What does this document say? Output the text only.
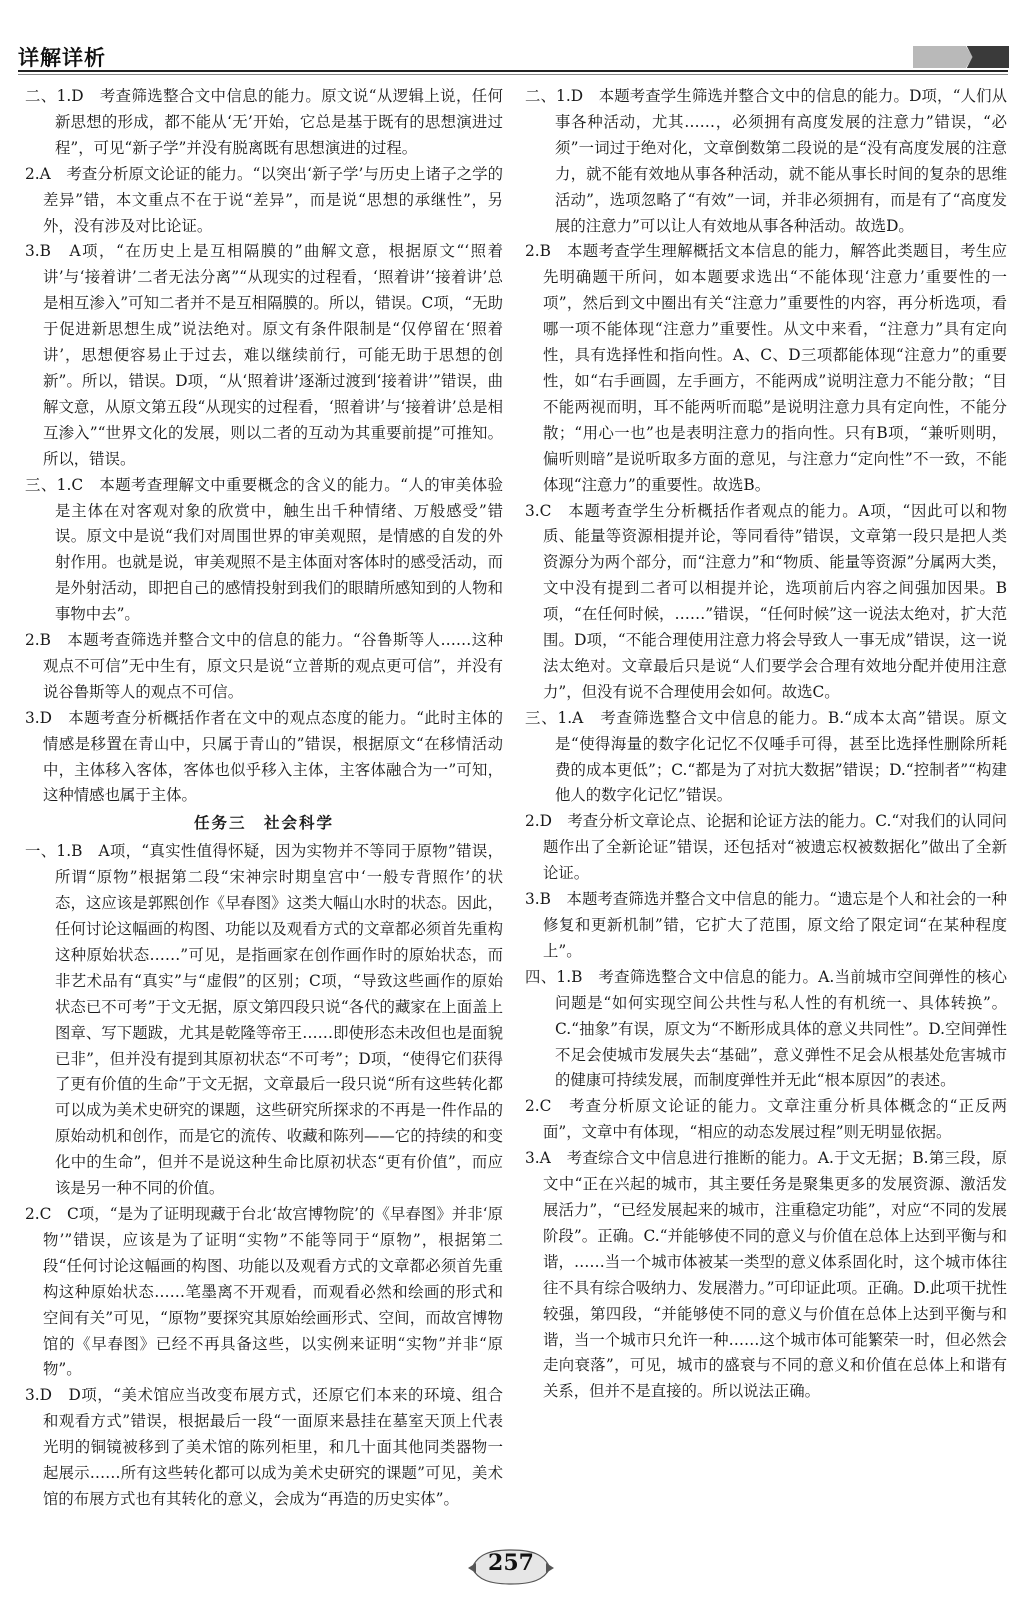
详解详析

二、1.D　考查筛选整合文中信息的能力。原文说“从逻辑上说，任何新思想的形成，都不能从‘无’开始，它总是基于既有的思想演进过程”，可见“新子学”并没有脱离既有思想演进的过程。

2.A　考查分析原文论证的能力。“以突出‘新子学’与历史上诸子之学的差异”错，本文重点不在于说“差异”，而是说“思想的承继性”，另外，没有涉及对比论证。

3.B　A项，“在历史上是互相隔膜的”曲解文意，根据原文“‘照着讲’与‘接着讲’二者无法分离”“从现实的过程看，‘照着讲’‘接着讲’总是相互渗入”可知二者并不是互相隔膜的。所以，错误。C项，“无助于促进新思想生成”说法绝对。原文有条件限制是“仅停留在‘照着讲’，思想便容易止于过去，难以继续前行，可能无助于思想的创新”。所以，错误。D项，“从‘照着讲’逐渐过渡到‘接着讲’”错误，曲解文意，从原文第五段“从现实的过程看，‘照着讲’与‘接着讲’总是相互渗入”“世界文化的发展，则以二者的互动为其重要前提”可推知。所以，错误。

三、1.C　本题考查理解文中重要概念的含义的能力。“人的审美体验是主体在对客观对象的欣赏中，触生出千种情绪、万般感受”错误。原文中是说“我们对周围世界的审美观照，是情感的自发的外射作用。也就是说，审美观照不是主体面对客体时的感受活动，而是外射活动，即把自己的感情投射到我们的眼睛所感知到的人物和事物中去”。

2.B　本题考查筛选并整合文中的信息的能力。“谷鲁斯等人……这种观点不可信”无中生有，原文只是说“立普斯的观点更可信”，并没有说谷鲁斯等人的观点不可信。

3.D　本题考查分析概括作者在文中的观点态度的能力。“此时主体的情感是移置在青山中，只属于青山的”错误，根据原文“在移情活动中，主体移入客体，客体也似乎移入主体，主客体融合为一”可知，这种情感也属于主体。

任务三　社会科学

一、1.B　A项，“真实性值得怀疑，因为实物并不等同于原物”错误，所谓“原物”根据第二段“宋神宗时期皇宫中‘一般专背照作’的状态，这应该是郭熙创作《早春图》这类大幅山水时的状态。因此，任何讨论这幅画的构图、功能以及观看方式的文章都必须首先重构这种原始状态……”可见，是指画家在创作画作时的原始状态，而非艺术品有“真实”与“虚假”的区别；C项，“导致这些画作的原始状态已不可考”于文无据，原文第四段只说“各代的藏家在上面盖上图章、写下题跋，尤其是乾隆等帝王……即使形态未改但也是面貌已非”，但并没有提到其原初状态“不可考”；D项，“使得它们获得了更有价值的生命”于文无据，文章最后一段只说“所有这些转化都可以成为美术史研究的课题，这些研究所探求的不再是一件作品的原始动机和创作，而是它的流传、收藏和陈列——它的持续的和变化中的生命”，但并不是说这种生命比原初状态“更有价值”，而应该是另一种不同的价值。

2.C　C项，“是为了证明现藏于台北‘故宫博物院’的《早春图》并非‘原物’”错误，应该是为了证明“实物”不能等同于“原物”，根据第二段“任何讨论这幅画的构图、功能以及观看方式的文章都必须首先重构这种原始状态……笔墨离不开观看，而观看必然和绘画的形式和空间有关”可见，“原物”要探究其原始绘画形式、空间，而故宫博物馆的《早春图》已经不再具备这些，以实例来证明“实物”并非“原物”。

3.D　D项，“美术馆应当改变布展方式，还原它们本来的环境、组合和观看方式”错误，根据最后一段“一面原来悬挂在墓室天顶上代表光明的铜镜被移到了美术馆的陈列柜里，和几十面其他同类器物一起展示……所有这些转化都可以成为美术史研究的课题”可见，美术馆的布展方式也有其转化的意义，会成为“再造的历史实体”。

二、1.D　本题考查学生筛选并整合文中的信息的能力。D项，“人们从事各种活动，尤其……，必须拥有高度发展的注意力”错误，“必须”一词过于绝对化，文章倒数第二段说的是“没有高度发展的注意力，就不能有效地从事各种活动，就不能从事长时间的复杂的思维活动”，选项忽略了“有效”一词，并非必须拥有，而是有了“高度发展的注意力”可以让人有效地从事各种活动。故选D。

2.B　本题考查学生理解概括文本信息的能力，解答此类题目，考生应先明确题干所问，如本题要求选出“不能体现‘注意力’重要性的一项”，然后到文中圈出有关“注意力”重要性的内容，再分析选项，看哪一项不能体现“注意力”重要性。从文中来看，“注意力”具有定向性，具有选择性和指向性。A、C、D三项都能体现“注意力”的重要性，如“右手画圆，左手画方，不能两成”说明注意力不能分散；“目不能两视而明，耳不能两听而聪”是说明注意力具有定向性，不能分散；“用心一也”也是表明注意力的指向性。只有B项，“兼听则明，偏听则暗”是说听取多方面的意见，与注意力“定向性”不一致，不能体现“注意力”的重要性。故选B。

3.C　本题考查学生分析概括作者观点的能力。A项，“因此可以和物质、能量等资源相提并论，等同看待”错误，文章第一段只是把人类资源分为两个部分，而“注意力”和“物质、能量等资源”分属两大类，文中没有提到二者可以相提并论，选项前后内容之间强加因果。B项，“在任何时候，……”错误，“任何时候”这一说法太绝对，扩大范围。D项，“不能合理使用注意力将会导致人一事无成”错误，这一说法太绝对。文章最后只是说“人们要学会合理有效地分配并使用注意力”，但没有说不合理使用会如何。故选C。

三、1.A　考查筛选整合文中信息的能力。B.“成本太高”错误。原文是“使得海量的数字化记忆不仅唾手可得，甚至比选择性删除所耗费的成本更低”；C.“都是为了对抗大数据”错误；D.“控制者”“构建他人的数字化记忆”错误。

2.D　考查分析文章论点、论据和论证方法的能力。C.“对我们的认同问题作出了全新论证”错误，还包括对“被遗忘权被数据化”做出了全新论证。

3.B　本题考查筛选并整合文中信息的能力。“遗忘是个人和社会的一种修复和更新机制”错，它扩大了范围，原文给了限定词“在某种程度上”。

四、1.B　考查筛选整合文中信息的能力。A.当前城市空间弹性的核心问题是“如何实现空间公共性与私人性的有机统一、具体转换”。C.“抽象”有误，原文为“不断形成具体的意义共同性”。D.空间弹性不足会使城市发展失去“基础”，意义弹性不足会从根基处危害城市的健康可持续发展，而制度弹性并无此“根本原因”的表述。

2.C　考查分析原文论证的能力。文章注重分析具体概念的“正反两面”，文章中有体现，“相应的动态发展过程”则无明显依据。

3.A　考查综合文中信息进行推断的能力。A.于文无据；B.第三段，原文中“正在兴起的城市，其主要任务是聚集更多的发展资源、激活发展活力”，“已经发展起来的城市，注重稳定功能”，对应“不同的发展阶段”。正确。C.“并能够使不同的意义与价值在总体上达到平衡与和谐，……当一个城市体被某一类型的意义体系固化时，这个城市体往往不具有综合吸纳力、发展潜力。”可印证此项。正确。D.此项干扰性较强，第四段，“并能够使不同的意义与价值在总体上达到平衡与和谐，当一个城市只允许一种……这个城市体可能繁荣一时，但必然会走向衰落”，可见，城市的盛衰与不同的意义和价值在总体上和谐有关系，但并不是直接的。所以说法正确。

257
